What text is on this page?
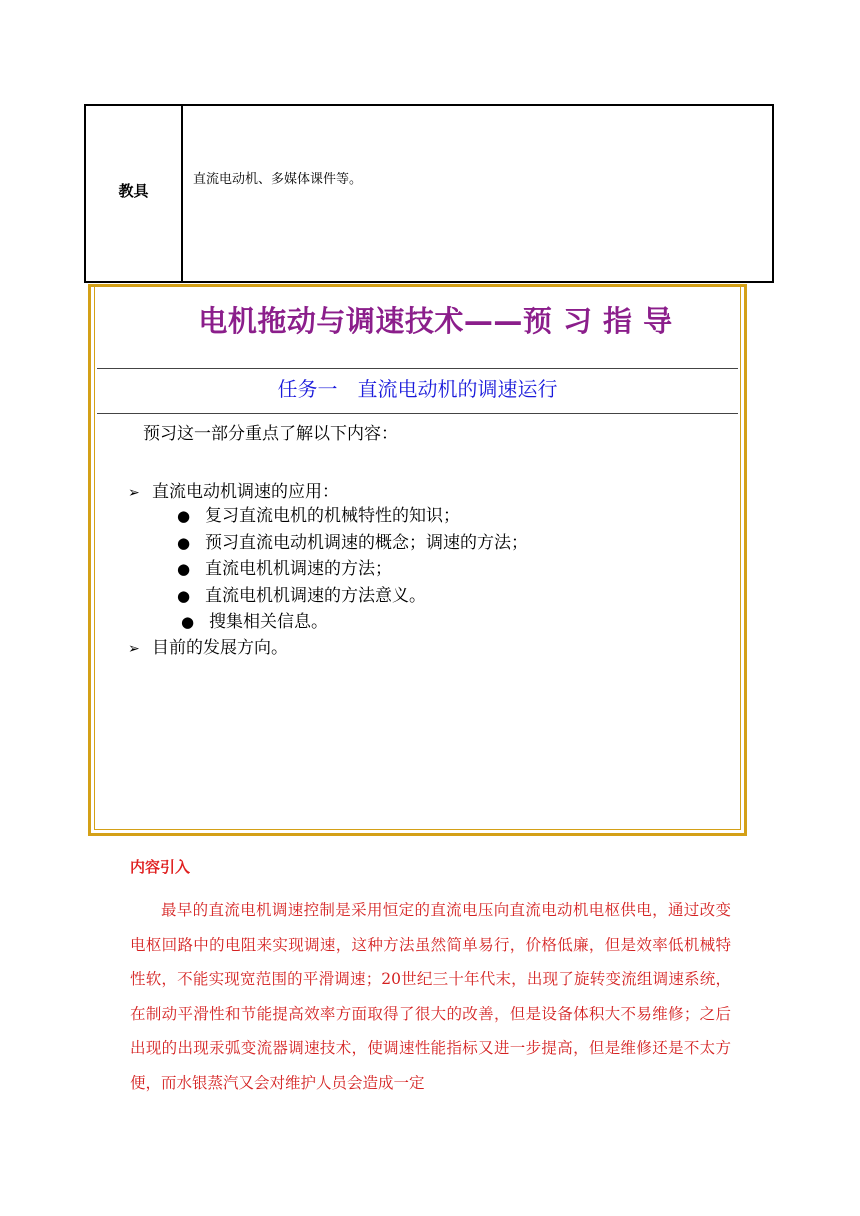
教具
直流电动机、多媒体课件等。
电机拖动与调速技术——预 习 指 导
任务一　直流电动机的调速运行
预习这一部分重点了解以下内容：
➢ 直流电动机调速的应用：
● 复习直流电机的机械特性的知识；
● 预习直流电动机调速的概念；调速的方法；
● 直流电机机调速的方法；
● 直流电机机调速的方法意义。
● 搜集相关信息。
➢ 目前的发展方向。
内容引入
最早的直流电机调速控制是采用恒定的直流电压向直流电动机电枢供电，通过改变电枢回路中的电阻来实现调速，这种方法虽然简单易行，价格低廉，但是效率低机械特性软，不能实现宽范围的平滑调速；20世纪三十年代末，出现了旋转变流组调速系统，在制动平滑性和节能提高效率方面取得了很大的改善，但是设备体积大不易维修；之后出现的出现汞弧变流器调速技术，使调速性能指标又进一步提高，但是维修还是不太方便，而水银蒸汽又会对维护人员会造成一定
